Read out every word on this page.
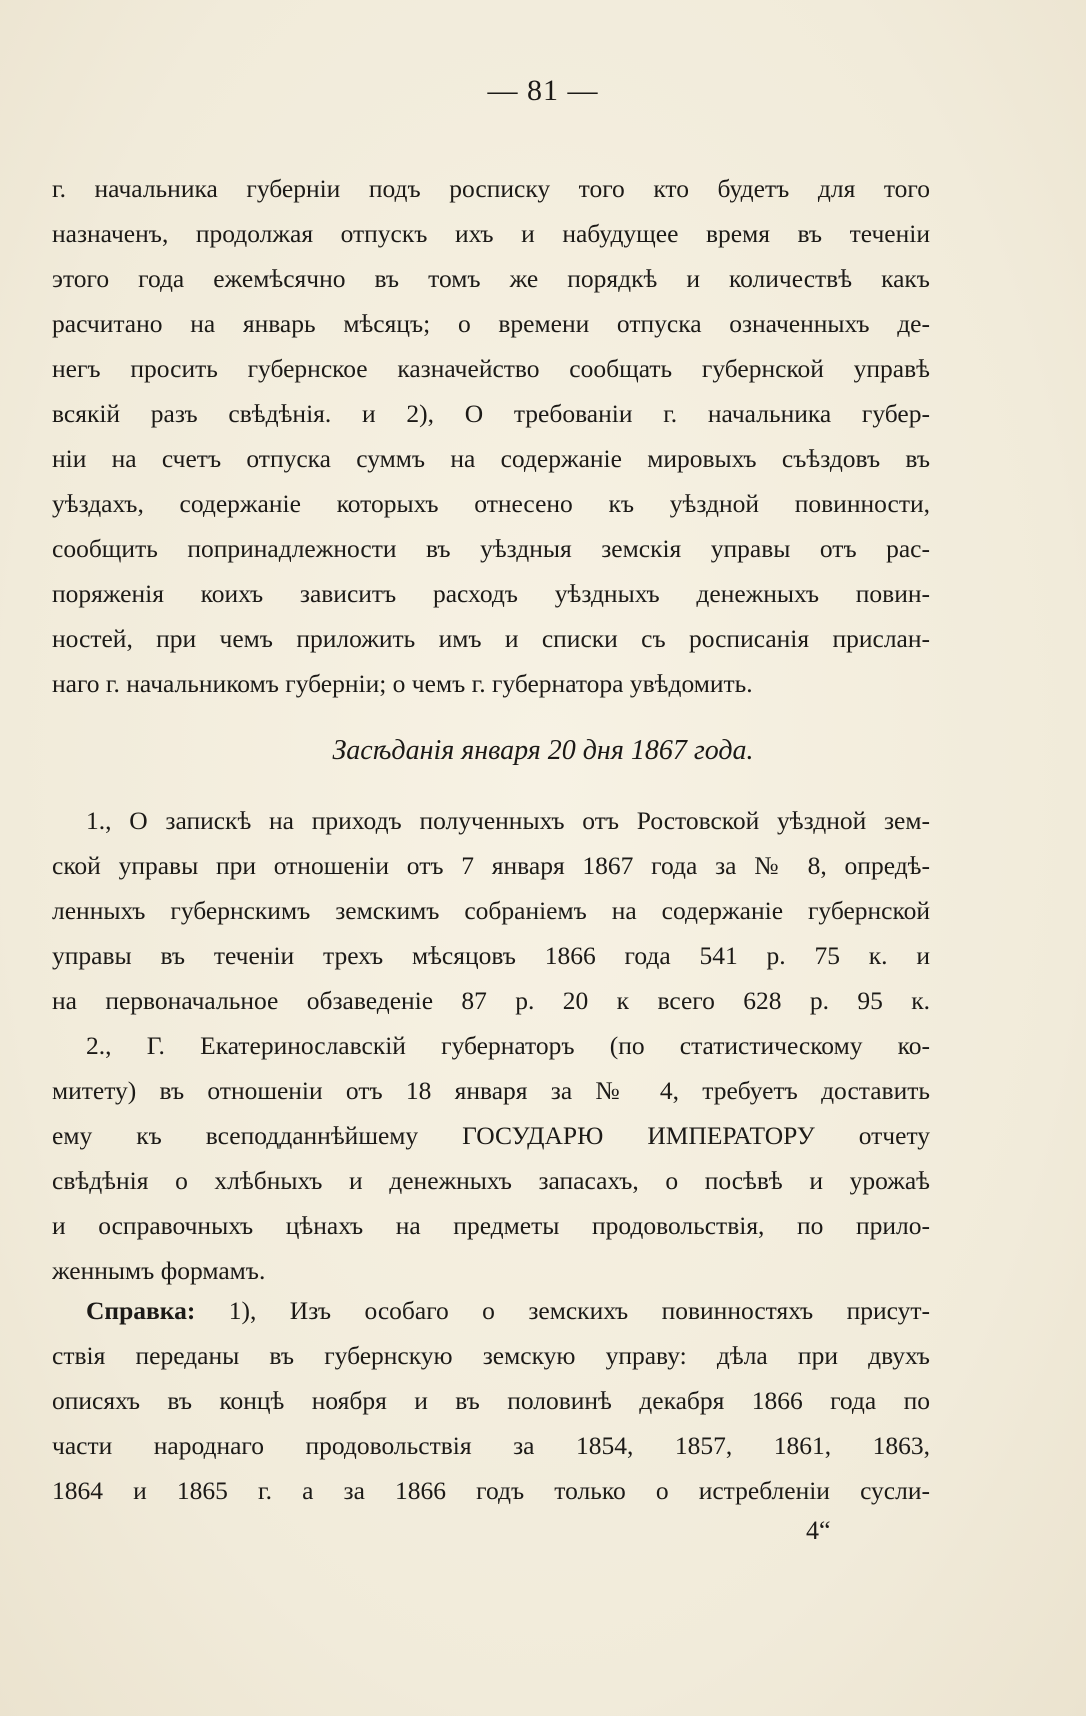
— 81 —
г. начальника губерніи подъ росписку того кто будетъ для того
назначенъ, продолжая отпускъ ихъ и набудущее время въ теченіи
этого года ежемѣсячно въ томъ же порядкѣ и количествѣ какъ
расчитано на январь мѣсяцъ; о времени отпуска означенныхъ де-
негъ просить губернское казначейство сообщать губернской управѣ
всякій разъ свѣдѣнія. и 2), О требованіи г. начальника губер-
ніи на счетъ отпуска суммъ на содержаніе мировыхъ съѣздовъ въ
уѣздахъ, содержаніе которыхъ отнесено къ уѣздной повинности,
сообщить попринадлежности въ уѣздныя земскія управы отъ рас-
поряженія коихъ зависитъ расходъ уѣздныхъ денежныхъ повин-
ностей, при чемъ приложить имъ и списки съ росписанія прислан-
наго г. начальникомъ губерніи; о чемъ г. губернатора увѣдомить.
Засѣданія января 20 дня 1867 года.
1., О запискѣ на приходъ полученныхъ отъ Ростовской уѣздной зем-
ской управы при отношеніи отъ 7 января 1867 года за № 8, опредѣ-
ленныхъ губернскимъ земскимъ собраніемъ на содержаніе губернской
управы въ теченіи трехъ мѣсяцовъ 1866 года 541 р. 75 к. и
на первоначальное обзаведеніе 87 р. 20 к всего 628 р. 95 к.
2., Г. Екатеринославскій губернаторъ (по статистическому ко-
митету) въ отношеніи отъ 18 января за № 4, требуетъ доставить
ему къ всеподданнѣйшему ГОСУДАРЮ ИМПЕРАТОРУ отчету
свѣдѣнія о хлѣбныхъ и денежныхъ запасахъ, о посѣвѣ и урожаѣ
и осправочныхъ цѣнахъ на предметы продовольствія, по прило-
женнымъ формамъ.
Справка: 1), Изъ особаго о земскихъ повинностяхъ присут-
ствія переданы въ губернскую земскую управу: дѣла при двухъ
описяхъ въ концѣ ноября и въ половинѣ декабря 1866 года по
части народнаго продовольствія за 1854, 1857, 1861, 1863,
1864 и 1865 г. а за 1866 годъ только о истребленіи сусли-
4“
